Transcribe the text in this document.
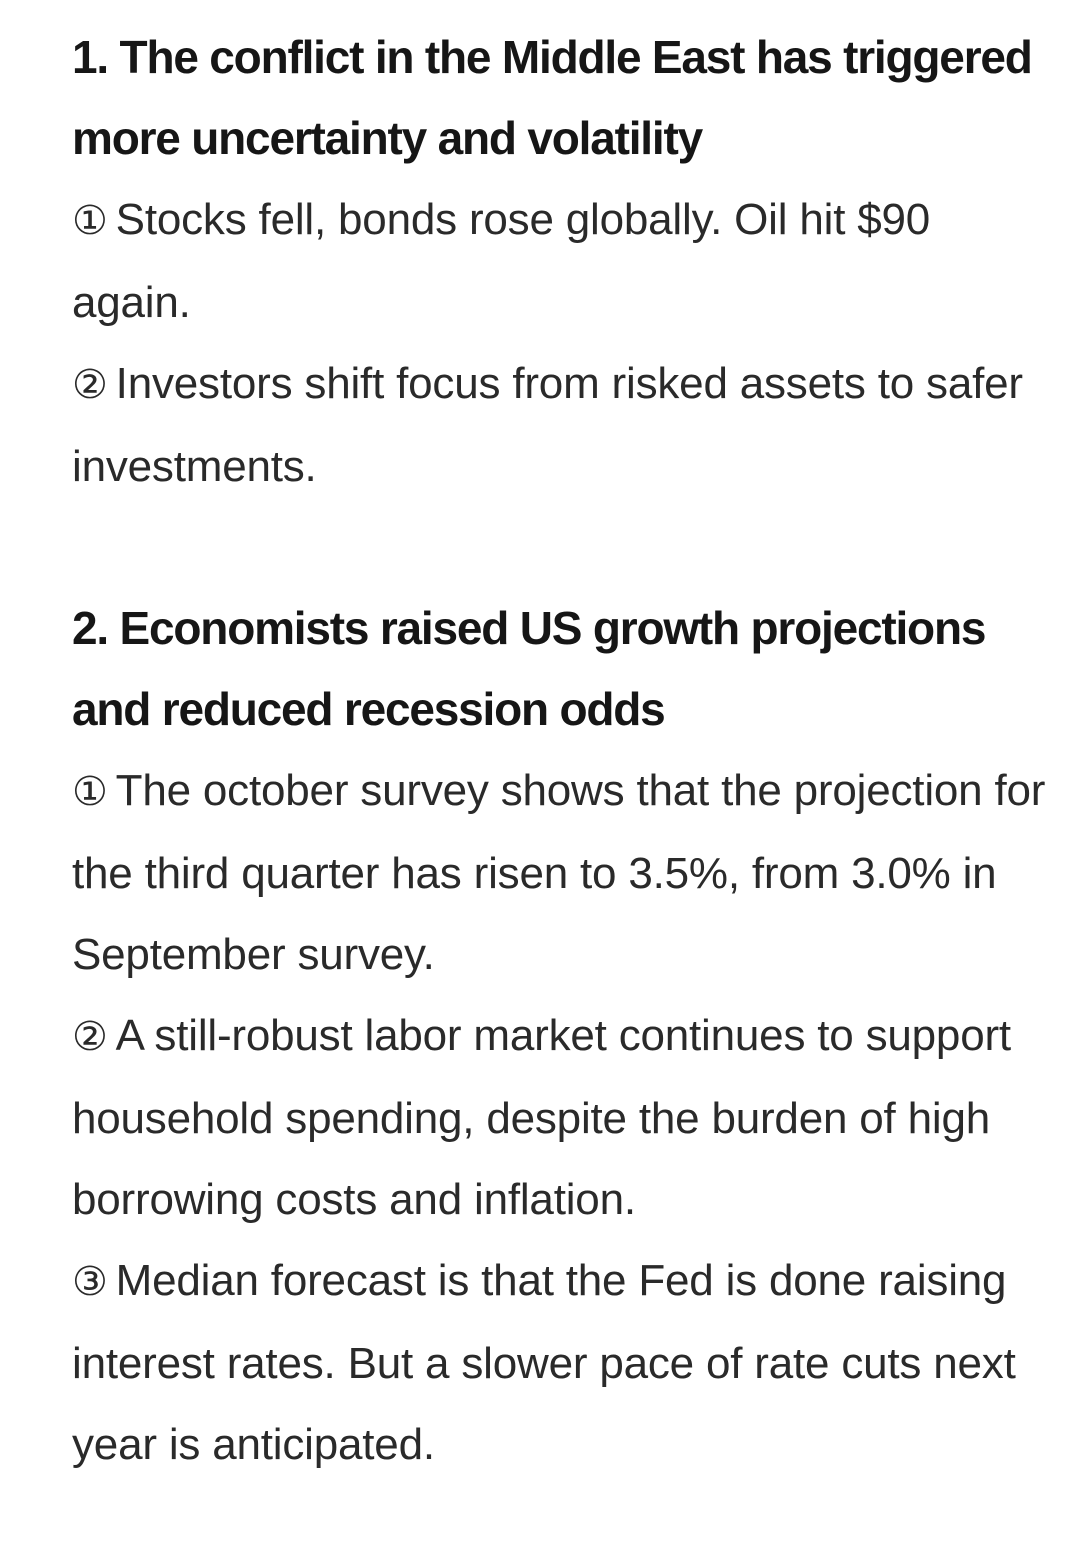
1. The conflict in the Middle East has triggered more uncertainty and volatility

① Stocks fell, bonds rose globally. Oil hit $90 again.

② Investors shift focus from risked assets to safer investments.

2. Economists raised US growth projections and reduced recession odds

① The october survey shows that the projection for the third quarter has risen to 3.5%, from 3.0% in September survey.

② A still-robust labor market continues to support household spending, despite the burden of high borrowing costs and inflation.

③ Median forecast is that the Fed is done raising interest rates. But a slower pace of rate cuts next year is anticipated.
